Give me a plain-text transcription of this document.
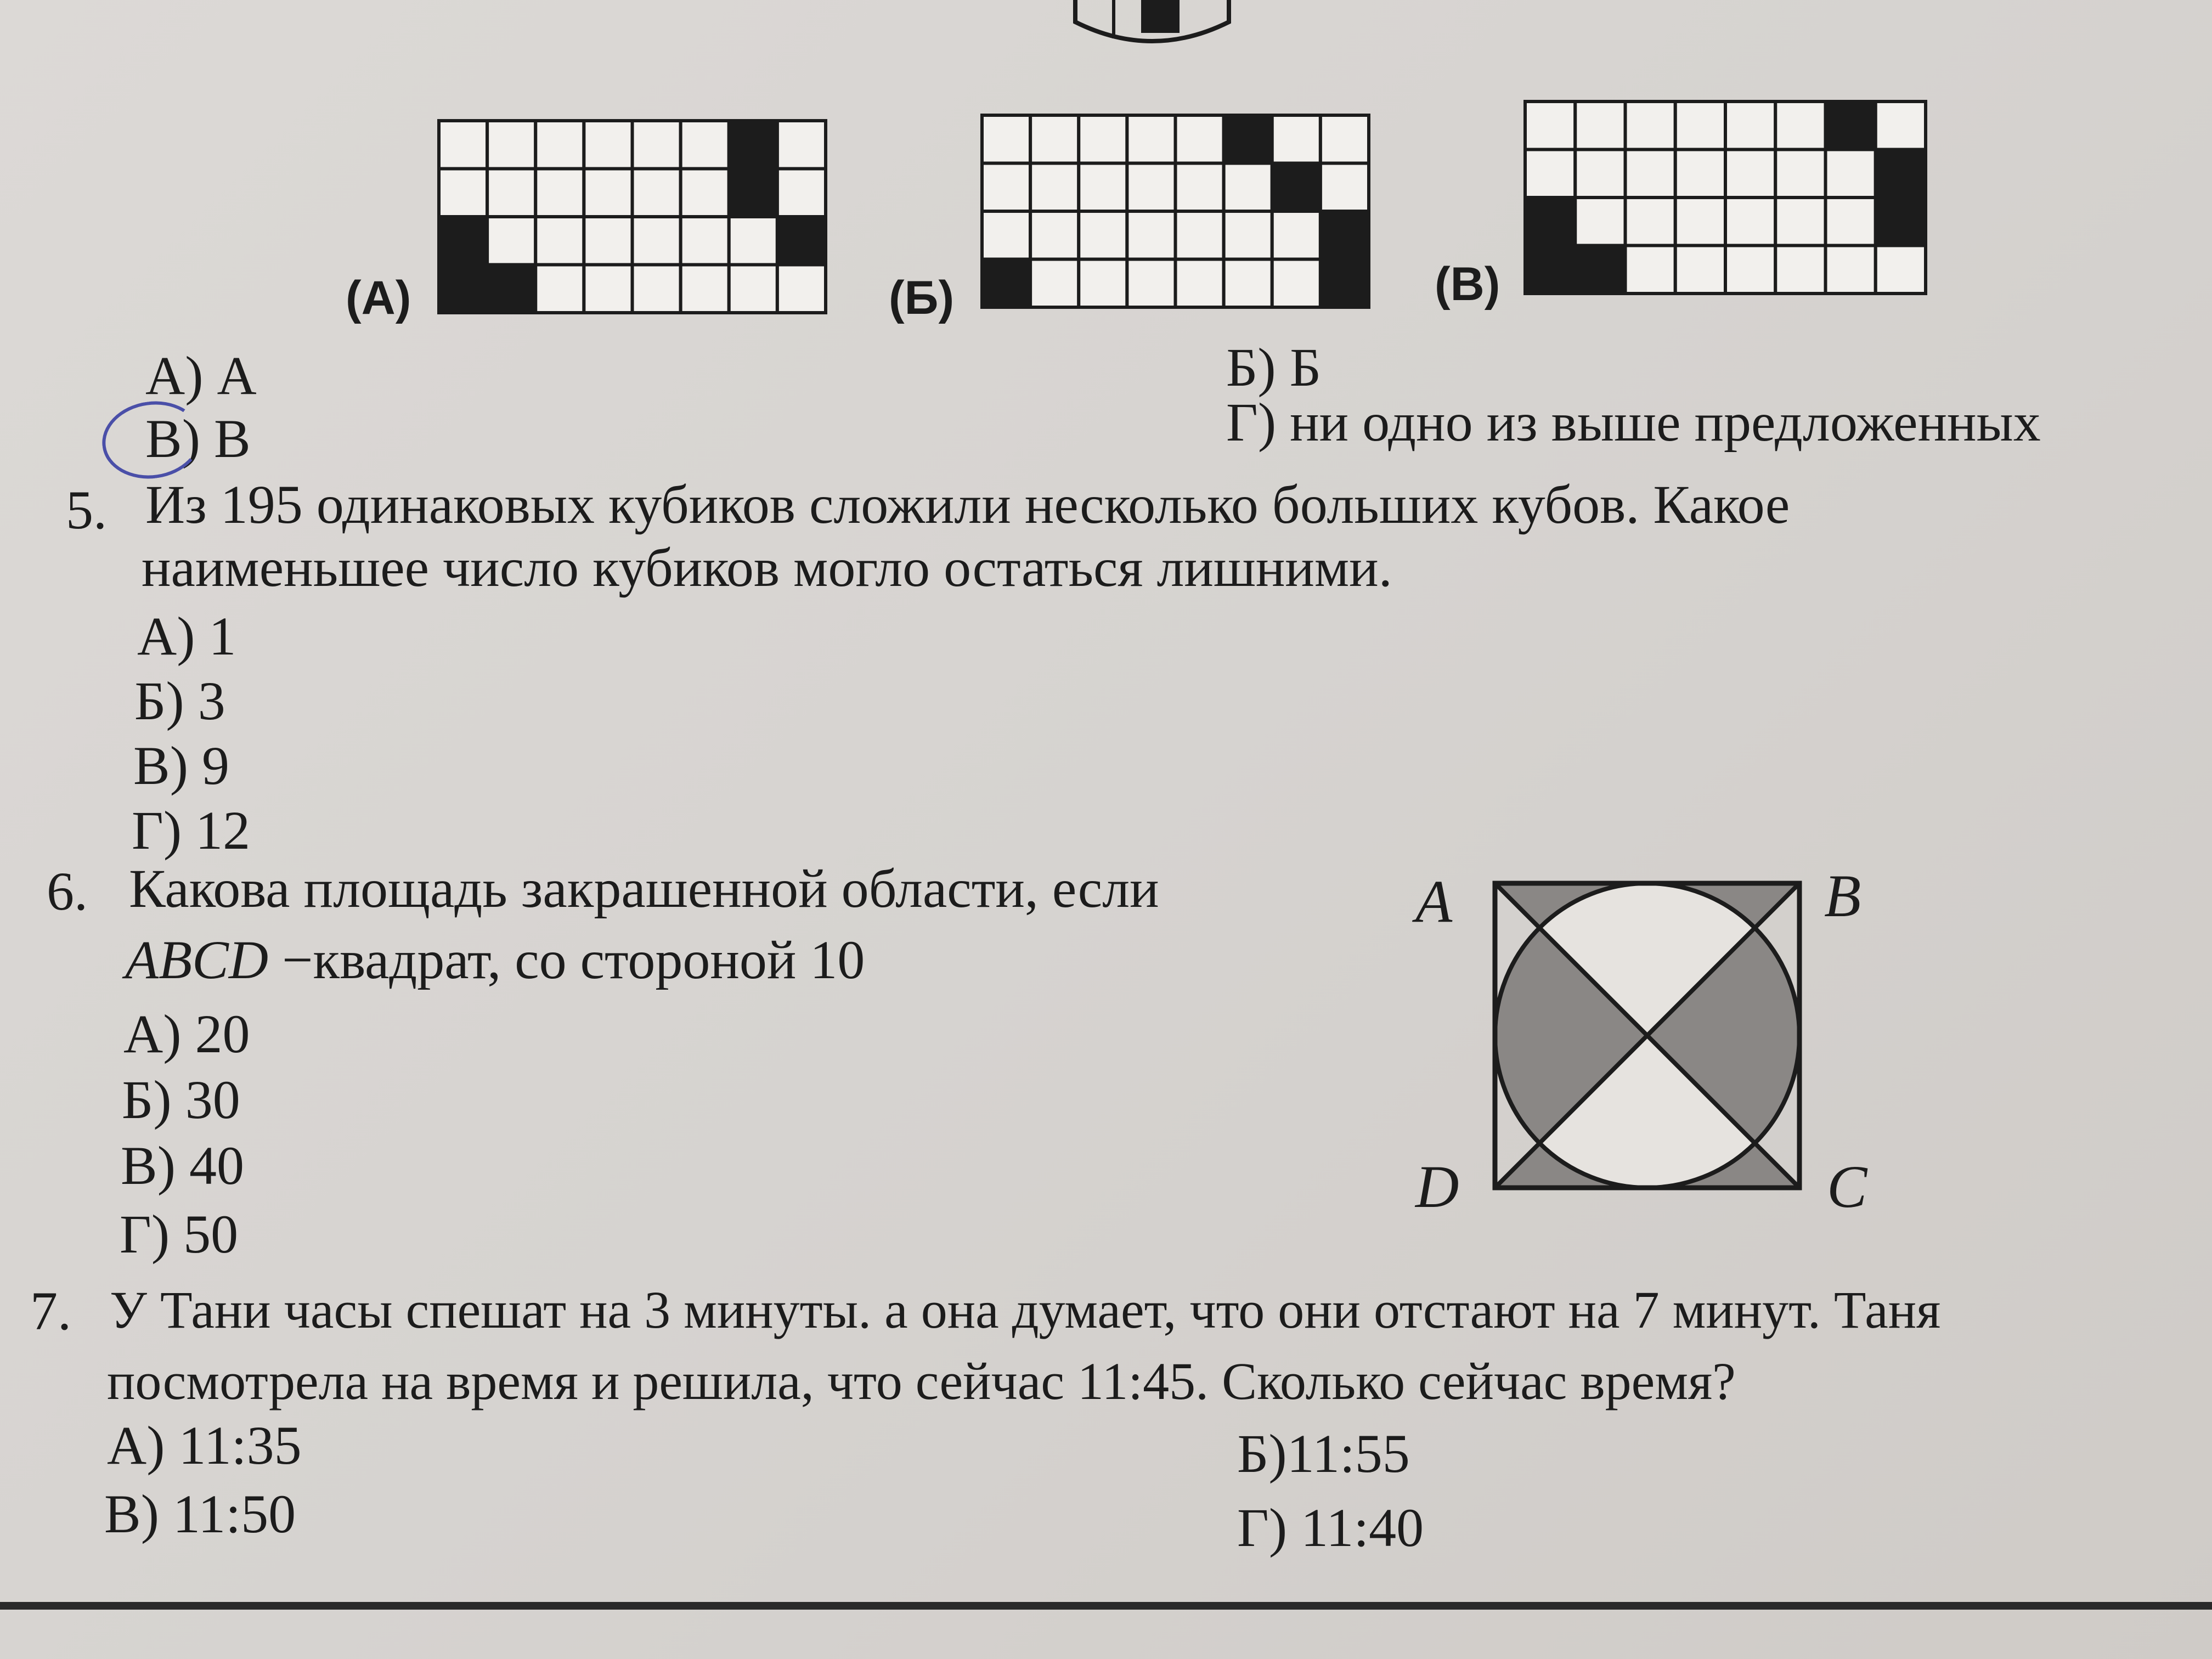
(А)	(Б)	(В)
А) А	Б) Б
В) В	Г) ни одно из выше предложенных
5. Из 195 одинаковых кубиков сложили несколько больших кубов. Какое
наименьшее число кубиков могло остаться лишними.
А) 1
Б) 3
В) 9
Г) 12
6. Какова площадь закрашенной области, если
ABCD −квадрат, со стороной 10
А) 20
Б) 30
В) 40
Г) 50
A	B
D	C
7. У Тани часы спешат на 3 минуты. а она думает, что они отстают на 7 минут. Таня
посмотрела на время и решила, что сейчас 11:45. Сколько сейчас время?
А) 11:35	Б)11:55
В) 11:50	Г) 11:40
